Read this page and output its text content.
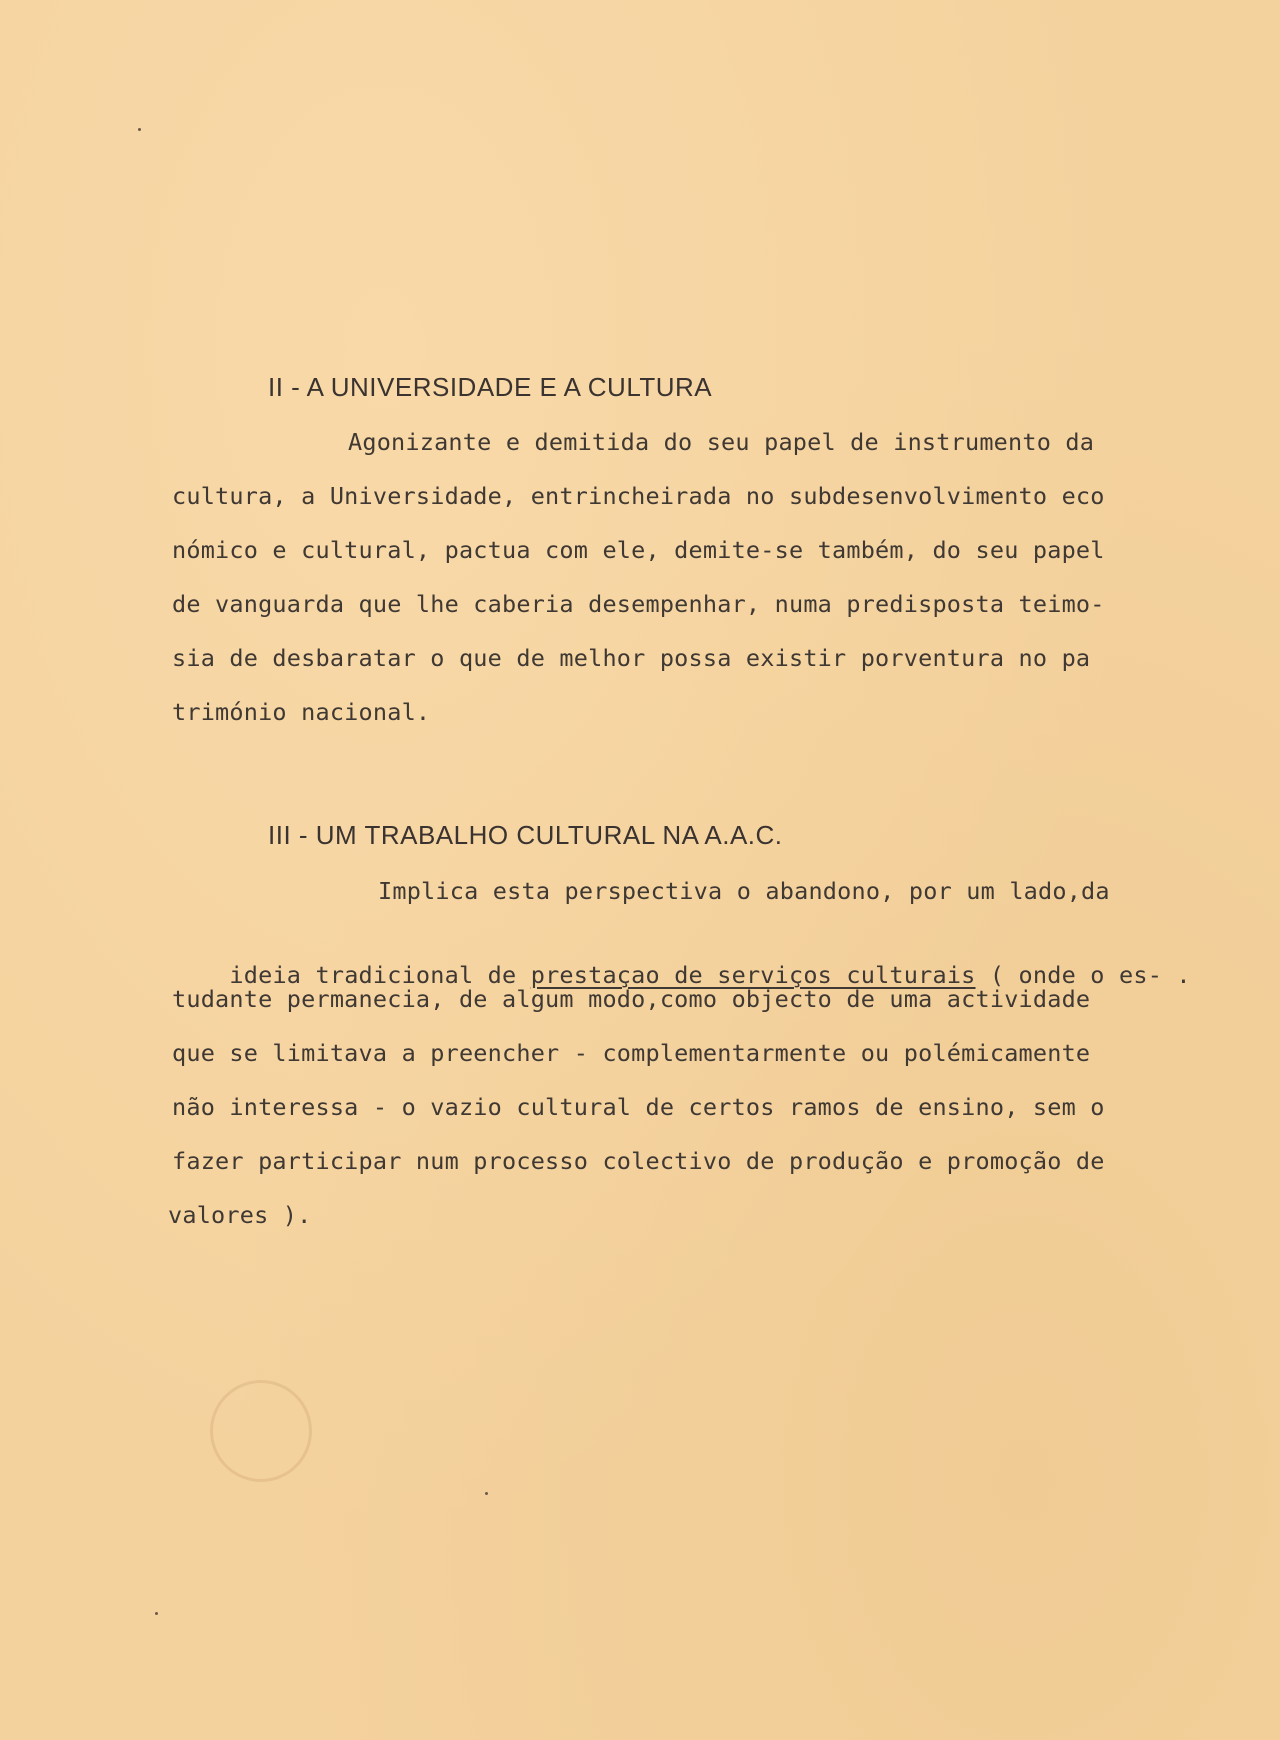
II - A UNIVERSIDADE E A CULTURA
Agonizante e demitida do seu papel de instrumento da
cultura, a Universidade, entrincheirada no subdesenvolvimento eco
nómico e cultural, pactua com ele, demite-se também, do seu papel
de vanguarda que lhe caberia desempenhar, numa predisposta teimo-
sia de desbaratar o que de melhor possa existir porventura no pa
trimónio nacional.
III - UM TRABALHO CULTURAL NA A.A.C.
Implica esta perspectiva o abandono, por um lado,da

ideia tradicional de prestaçao de serviços culturais ( onde o es- .

tudante permanecia, de algum modo,como objecto de uma actividade
que se limitava a preencher - complementarmente ou polémicamente
não interessa - o vazio cultural de certos ramos de ensino, sem o
fazer participar num processo colectivo de produção e promoção de
valores ).
